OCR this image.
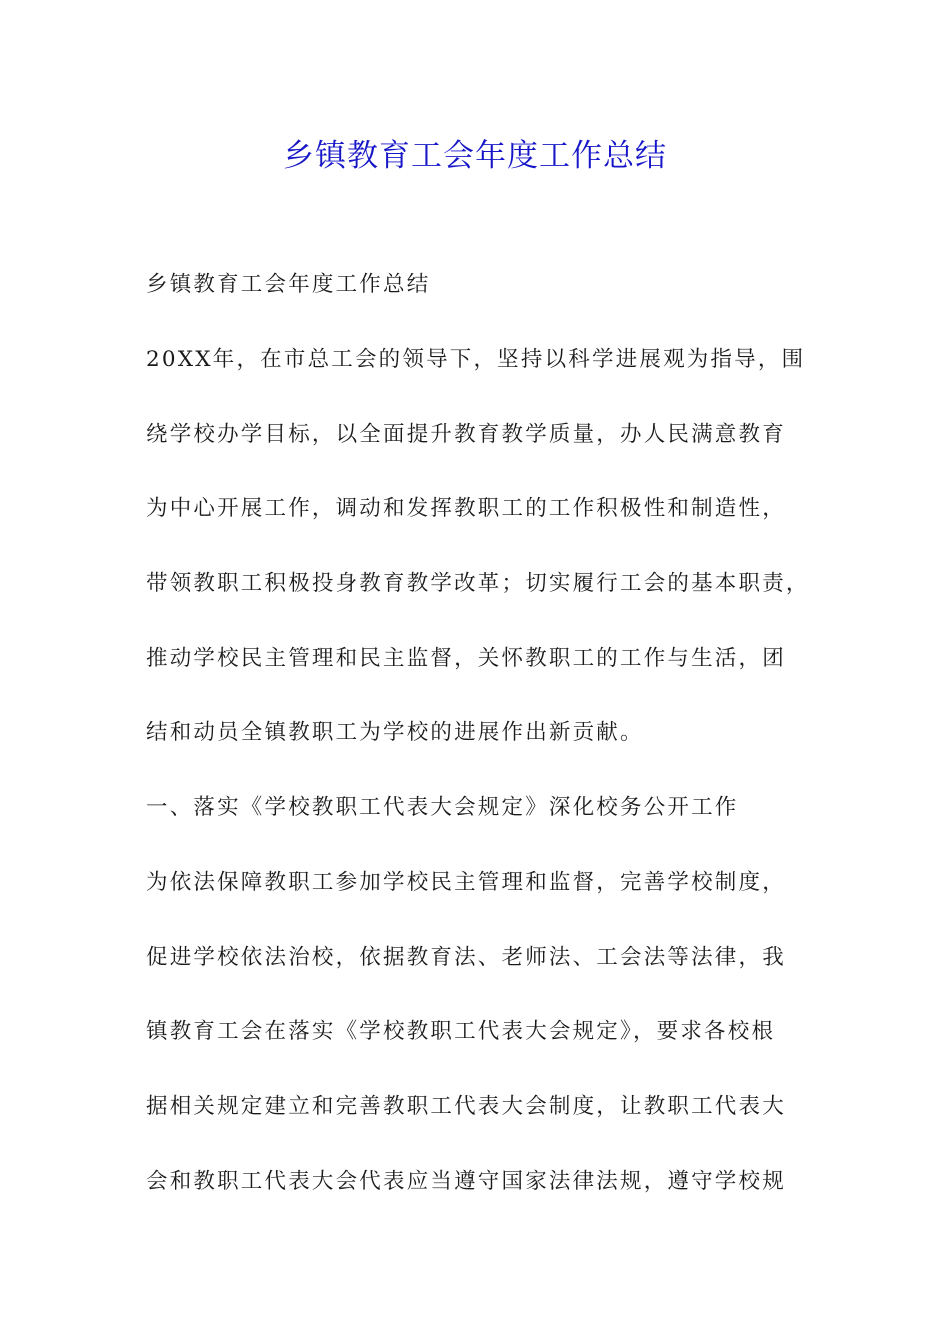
乡镇教育工会年度工作总结
乡镇教育工会年度工作总结
20XX年，在市总工会的领导下，坚持以科学进展观为指导，围
绕学校办学目标，以全面提升教育教学质量，办人民满意教育
为中心开展工作，调动和发挥教职工的工作积极性和制造性，
带领教职工积极投身教育教学改革；切实履行工会的基本职责，
推动学校民主管理和民主监督，关怀教职工的工作与生活，团
结和动员全镇教职工为学校的进展作出新贡献。
一、落实《学校教职工代表大会规定》深化校务公开工作
为依法保障教职工参加学校民主管理和监督，完善学校制度，
促进学校依法治校，依据教育法、老师法、工会法等法律，我
镇教育工会在落实《学校教职工代表大会规定》，要求各校根
据相关规定建立和完善教职工代表大会制度，让教职工代表大
会和教职工代表大会代表应当遵守国家法律法规，遵守学校规
